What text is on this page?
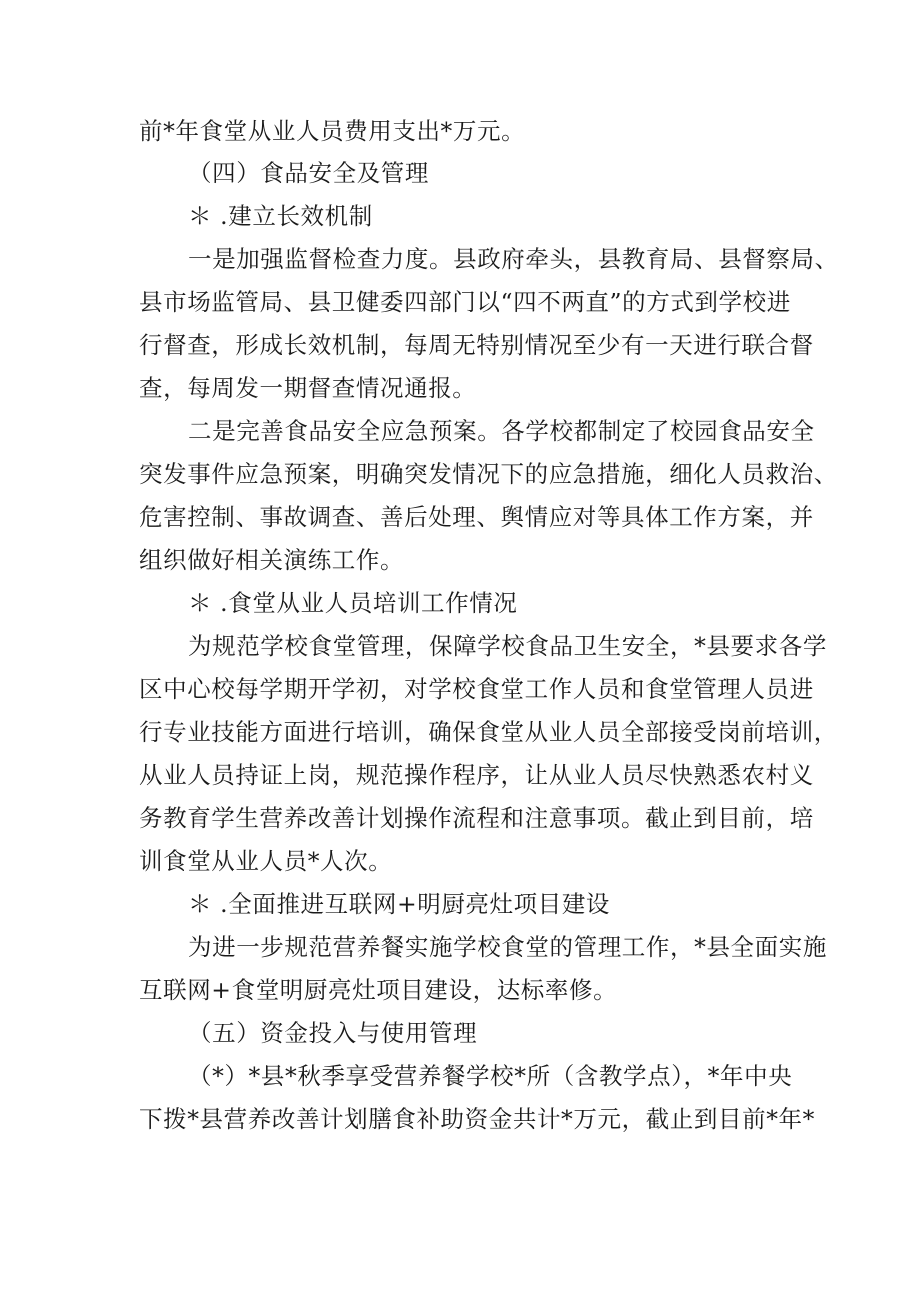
前*年食堂从业人员费用支出*万元。
（四）食品安全及管理
＊ .建立长效机制
一是加强监督检查力度。县政府牵头，县教育局、县督察局、
县市场监管局、县卫健委四部门以“四不两直”的方式到学校进
行督查，形成长效机制，每周无特别情况至少有一天进行联合督
查，每周发一期督查情况通报。
二是完善食品安全应急预案。各学校都制定了校园食品安全
突发事件应急预案，明确突发情况下的应急措施，细化人员救治、
危害控制、事故调查、善后处理、舆情应对等具体工作方案，并
组织做好相关演练工作。
＊ .食堂从业人员培训工作情况
为规范学校食堂管理，保障学校食品卫生安全，*县要求各学
区中心校每学期开学初，对学校食堂工作人员和食堂管理人员进
行专业技能方面进行培训，确保食堂从业人员全部接受岗前培训，
从业人员持证上岗，规范操作程序，让从业人员尽快熟悉农村义
务教育学生营养改善计划操作流程和注意事项。截止到目前，培
训食堂从业人员*人次。
＊ .全面推进互联网+明厨亮灶项目建设
为进一步规范营养餐实施学校食堂的管理工作，*县全面实施
互联网+食堂明厨亮灶项目建设，达标率修。
（五）资金投入与使用管理
（*）*县*秋季享受营养餐学校*所（含教学点），*年中央
下拨*县营养改善计划膳食补助资金共计*万元，截止到目前*年*
